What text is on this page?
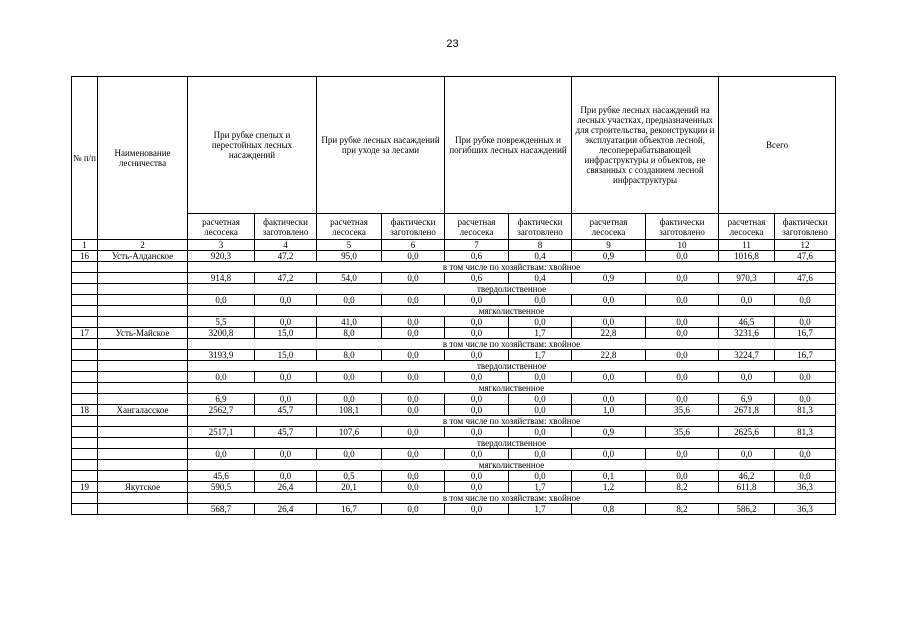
23
№ п/п	Наименование лесничества	При рубке спелых и перестойных лесных насаждений		При рубке лесных насаждений при уходе за лесами		При рубке поврежденных и погибших лесных насаждений		При рубке лесных насаждений на лесных участках, предназначенных для строительства, реконструкции и эксплуатации объектов лесной, лесоперерабатывающей инфраструктуры и объектов, не связанных с созданием лесной инфраструктуры		Всего	
		расчетная лесосека	фактически заготовлено	расчетная лесосека	фактически заготовлено	расчетная лесосека	фактически заготовлено	расчетная лесосека	фактически заготовлено	расчетная лесосека	фактически заготовлено
1	2	3	4	5	6	7	8	9	10	11	12
16	Усть-Алданское	920,3	47,2	95,0	0,0	0,6	0,4	0,9	0,0	1016,8	47,6
		в том числе по хозяйствам: хвойное									
		914,8	47,2	54,0	0,0	0,6	0,4	0,9	0,0	970,3	47,6
		твердолиственное									
		0,0	0,0	0,0	0,0	0,0	0,0	0,0	0,0	0,0	0,0
		мягколиственное									
		5,5	0,0	41,0	0,0	0,0	0,0	0,0	0,0	46,5	0,0
17	Усть-Майское	3200,8	15,0	8,0	0,0	0,0	1,7	22,8	0,0	3231,6	16,7
		в том числе по хозяйствам: хвойное									
		3193,9	15,0	8,0	0,0	0,0	1,7	22,8	0,0	3224,7	16,7
		твердолиственное									
		0,0	0,0	0,0	0,0	0,0	0,0	0,0	0,0	0,0	0,0
		мягколиственное									
		6,9	0,0	0,0	0,0	0,0	0,0	0,0	0,0	6,9	0,0
18	Хангаласское	2562,7	45,7	108,1	0,0	0,0	0,0	1,0	35,6	2671,8	81,3
		в том числе по хозяйствам: хвойное									
		2517,1	45,7	107,6	0,0	0,0	0,0	0,9	35,6	2625,6	81,3
		твердолиственное									
		0,0	0,0	0,0	0,0	0,0	0,0	0,0	0,0	0,0	0,0
		мягколиственное									
		45,6	0,0	0,5	0,0	0,0	0,0	0,1	0,0	46,2	0,0
19	Якутское	590,5	26,4	20,1	0,0	0,0	1,7	1,2	8,2	611,8	36,3
		в том числе по хозяйствам: хвойное									
		568,7	26,4	16,7	0,0	0,0	1,7	0,8	8,2	586,2	36,3
